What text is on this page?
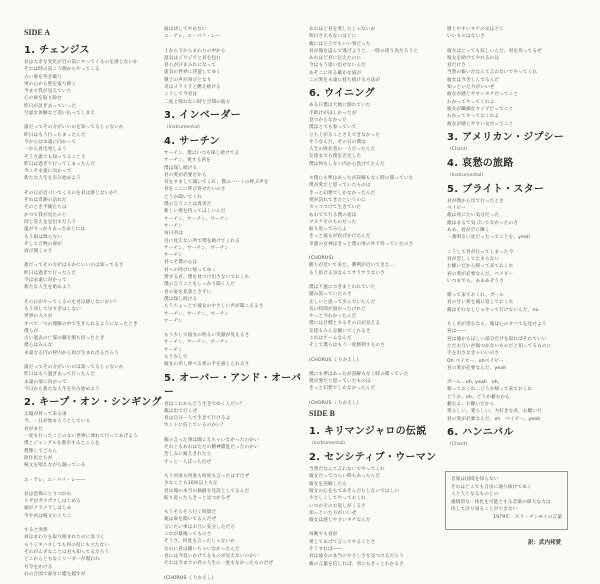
SIDE A
1. チェンジス
君は大きな変化が目の前にやってくるのを感じないか
それは時の向こう側からやってくる
古い扉を突き破り
男の心から壁を取り除く
今まで我が見えていた
心の扉を取り除せ
昨日が急ぎ去っていった
空虚な体験など追い払ってしまえ
誰だってその方がいいのを知ってるじゃないか
昨日はもう行っちまったんだ
今からは永遠に向かって
一から再出発しよう
そうさ誰でも知ってることさ
昨日は過ぎて行ってしまったんだ
今こそ永遠に向かって
新たな人生を歩み始めよう
その日が近づいてくるのを君は感じないか？
それは奇跡の訪れだ
そのとき予備たちは
かつて我が見たのと
同じ答えを見出すだろう
嵐がすっかり去ったあとには
もう雨は降らない
そして万物の扉が
再び開くのさ
誰だってその方がはるかにいいのは知ってるさ
昨日は過ぎて行ったんだ
今は永遠に向かって
新たな人生を始めよう
その日がやってくるのを君は感じないかい？
もう決して早すぎはしない
世界の人々が
すべて一つの理解の中で生きられるようになったとき
僕らが
古い過去の亡霊の鎖を断ち切ったとき
僕らはみんな
永遠なる円の枠内から再び生まれ出るだろう
誰だってその方がいいのは知ってるじゃないか
昨日はもう過ぎ去って行ったんだ
永遠の扉に向かって
今日から新たな人生を歩み始めよう
2. キープ・オン・シンギング
太陽が昇って来る頃
今、一日が始まろうとしている
君がまだ
一度も行ったことのない世界に連れて行ってあげよう
僕とジャングルを散歩するところを
想像してごらん
原住民たちが
呪文を唱えながら踊っている
エ・アレ、エ・パパ・レ――
君は恐怖にとりつかれ
ヒザがガクガクしはじめる
頭がクラクラしはじめ
今や君は呪文のとりこ
すると突然
君はまわりを取り囲まれたのに気づく
もうジタバタしても何の役にも立たない
それがムダなことは君も知ってるだろう
どこからともなくリーダーが現われ
号令をかける
石の合図で歯牙に鑑を越すが
彼は決してやめない
エ・アレ、エ・パパ・レー
上から下からまわりの中から
湿気はジワジワと君を包む
君らが汗まみれになって
霊気の世界に浮遊してゆく
戦士の声が叫びとなり
炎はメラメラと燃え続ける
こうして今君は
二度と帰れない時と空間の彼方
3. インベーダー
(Instrumental)
4. サーチン
サーチン、僕はいつも探し続けてる
サーチン、愛する君を
僕は探し続ける
君の愛が必要だから
耳をすまして聞いてくれ、僕のハートの呼ぶ声を
君をここに呼び寄せたいのさ
どうか聞いてくれ
僕の言うことは真実だ
新しい愛を持ってほしいんだ
サーチン、サーチン、サーチン
サーチン
毎日君は
目に見えない所で僕を助けてくれる
サーチン、サーチン、サーチン
サーチン
君こそ僕の心は
君への呼びに帰ってゆく
愛する君、僕を見つけ出さないでおくれ
僕の言うことをしっかり聞くんだ
君の姿を見落とさずに
僕は探し続ける
もうちょっとで彼女のやさしい声が聞こえるさ
サーチン、サーチン、サーチン
サーチン
もう少しで彼女の明るい笑顔が見えるさ
サーチン、サーチン、サーチン
サーチン
もう少しで
彼女の差し伸べる愛の手を感じられるさ
5. オーバー・アンド・オーバー
君はこれからどう生きてゆくんだい？
俺は出て行くぜ
君は自分一人で生きて行けるよ
ホントに信じているのかい？
俺の言った事は聞こえちゃいなかったのかい
それともあれはただの精神錯乱だったのかい
苦しみに耐えきれたら
ずっと一人ぼっちだぜ
もう何度も何度も何度も言ったはずだぜ
少なくとも10回以上もな
君は俺の本当の価値を見誤としてるんだ
振り返ったらきっと見つかるぜ
もうそろそろ行く時間だ
俺は扉を開いてるんだぜ
言いたい事はお互い充分しただろ
これが最後ってものさ
そうさ、何度も言ったじゃないか
なのに君は聞いちゃいなかったんだ
君には今追いかけてるものが見えないのかい
それは今までの君の人生に一度もなかったものだぜ
(CHORUS くりかえし)
あれほど君を愛したじゃないか
明日さえもないほどに
俺にはどうでもいい事だった
君が俺を盗んで逃げようと、一時の迷う為だろうと
あれほど君に伝えたのに
今はもう思い出せないんだ
あそこに戻る確かな道が
この愛を永遠に持ち続ける方法が
6. ウイニング
ある日僕は大地に倒れていた
手助けがほしかったが
見つからなかった
僕はとても参っていて
立ち上がることさえできなかった
そうなんだ、その日の僕は
人生の敗北者の一人だったんだ
友達までも僕を否定した
僕は何もしない内から負けてたんだ
＊僕にも夢はあったが誤解もなく時の間っていた
僕が愛だと思っていたものは
きっと幻想でしかなかったんだ
愛が訪れてきたというのに
カッコつけて生きていた
あわてて行る僕の姿は
マヌケそのものだった
振り返ってみろよ
きっと彼女が投げかけたんだ
幸運の女神はきっと僕の扉の外で待っていたのさ
(CHORUS)
勝ちが近いて来た、勝利が近いてきた…
もう負ける気なんてサラサラないさ
僕は不運につきまとわれていた
踏み誤っていたのさ
正しいと思って歩んでいたんだ
長い時間が掛かったけれど
やっと今わかったんだ
僕には目標とするその日が見える
友達もみんな騒いでくれるさ
これはゲームなんだ
そして僕らはもう一度勝利するのさ
(CHORUS くりかえし)
僕にも夢はあったが誤解もなく時の間っていた
僕が愛だと思っていたものは
きっと幻想でしかなかったんだ
(CHORUS くりかえし)
SIDE B
1. キリマンジャロの伝説
(Instrumental)
2. センシティブ・ウーマン
当然だなんて言わないでやってくれ
彼女だってつらい時もあったんだ
彼女を誤解したら
彼女の心をもてあそんだりしないではしい
やさしくしてやっておくれ
いつかそのお返しがくるさ
知っといた方がいいぜ
彼女は感じやすいタチなんだ
毎晩でも君が
愛してあげて言ってやることさ
そうすれば――
君は彼女の本当のやさしさを見つけるだろう
俺の言葉を信じれば、君にもきっとわかるさ
感じやすいタチの女ほどに
いいものはないさ
彼女はとっても寂しいんだ、君を待ってるぜ
彼女を助けてやれるのは
君だけさ
当然の報いだなんて言わないでやってくれ
彼女は今苦しんでるんだ
知っといた方がいいぜ
彼女が感じやすいタチだってこと
わかってやってくれよ
彼女が繊細なタイプだってこと
わかってやっておくれよ
彼女が感じやすい女だってこと
3. アメリカン・ジプシー
(Chant)
4. 哀愁の旅路
(Instrumental)
5. ブライト・スター
君が僕から出て行ったとき
ベイビー
俺は死にたい気分だった
俺はまるで気づいてなかったのさ
ああ、君が空に輝く
一番明るい星だったってことを、yeah
こうして君が行ってしまった今
君が恋しくてたまらない
お願いだから帰って来ておくれ
君の愛が必要なんだ、ベイビー
いつまでも、あああそうさ
帰って来ておくれ、ガール
君の甘い愛を俺に返しておくれ
俺はそれなしじゃやって行けないんだ、no.
もし君が望むなら、俺は心のすべてを見せよう
君は――
君は俺からほしい部分だけを取ればそれでいい
ただお互いが傷つかないものだと知ってるものに
手を出さなきゃいいのさ
Oh ベイビー、ohベイビー
君の愛が必要なんだ、yeah
ガール…oh, yeah　oh,
帰っておくれ…どうか帰って来ておくれ
どうか、oh、どうか頼むから
頼むよ、お願いだから
愛らしい、愛らしい、大好きな君、お願いだ
君の愛が必要なんだ、oh　ベイビー、yeah
6. ハンニバル
(Chant)
音楽は国境を知らない
それはどこでも自由に通り抜けてゆく
人と人となるものとの
感情的な一体化を可能とする音楽の偉大な力は
決して計り知ることができない
1979年　スリ・チンモイの言葉
訳：武内邦愛
